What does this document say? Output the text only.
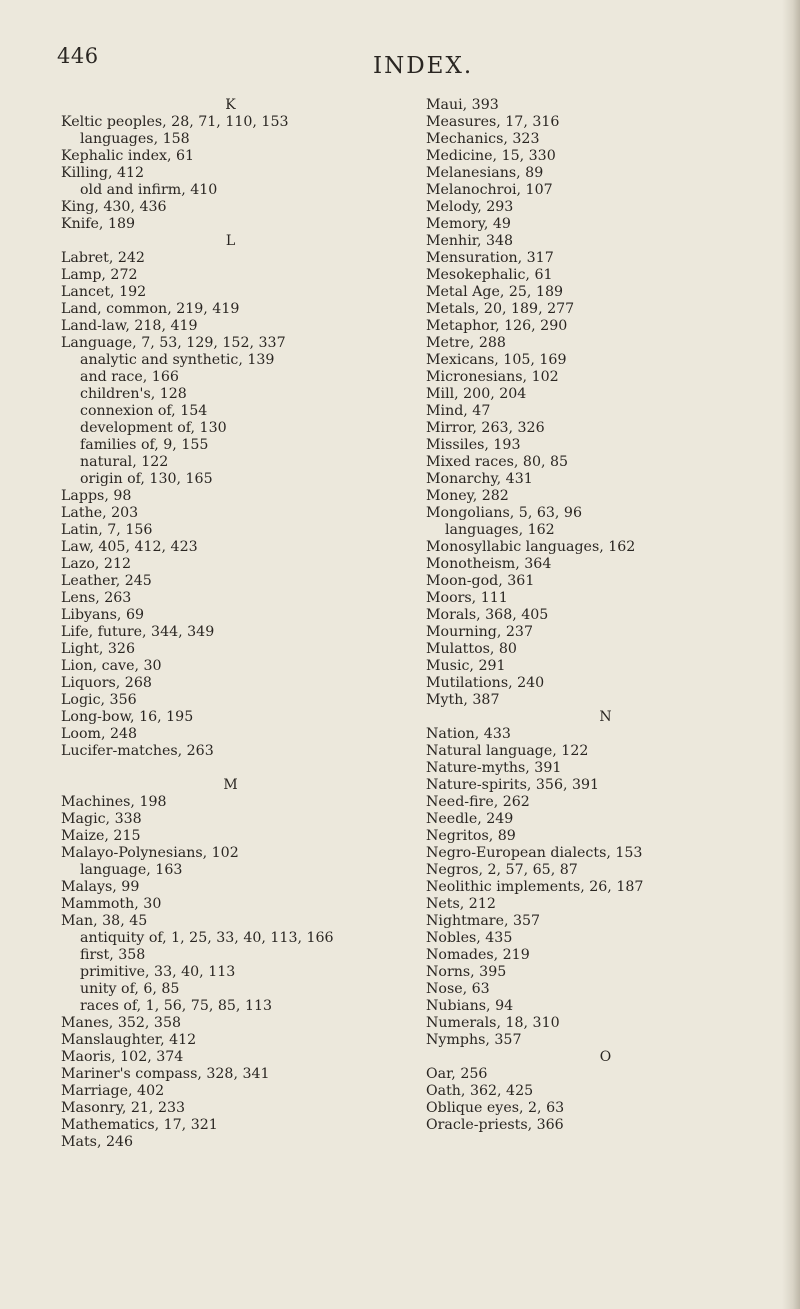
446	INDEX.
K
Keltic peoples, 28, 71, 110, 153
languages, 158
Kephalic index, 61
Killing, 412
old and infirm, 410
King, 430, 436
Knife, 189
L
Labret, 242
Lamp, 272
Lancet, 192
Land, common, 219, 419
Land-law, 218, 419
Language, 7, 53, 129, 152, 337
analytic and synthetic, 139
and race, 166
children's, 128
connexion of, 154
development of, 130
families of, 9, 155
natural, 122
origin of, 130, 165
Lapps, 98
Lathe, 203
Latin, 7, 156
Law, 405, 412, 423
Lazo, 212
Leather, 245
Lens, 263
Libyans, 69
Life, future, 344, 349
Light, 326
Lion, cave, 30
Liquors, 268
Logic, 356
Long-bow, 16, 195
Loom, 248
Lucifer-matches, 263
M
Machines, 198
Magic, 338
Maize, 215
Malayo-Polynesians, 102
language, 163
Malays, 99
Mammoth, 30
Man, 38, 45
antiquity of, 1, 25, 33, 40, 113, 166
first, 358
primitive, 33, 40, 113
unity of, 6, 85
races of, 1, 56, 75, 85, 113
Manes, 352, 358
Manslaughter, 412
Maoris, 102, 374
Mariner's compass, 328, 341
Marriage, 402
Masonry, 21, 233
Mathematics, 17, 321
Mats, 246
Maui, 393
Measures, 17, 316
Mechanics, 323
Medicine, 15, 330
Melanesians, 89
Melanochroi, 107
Melody, 293
Memory, 49
Menhir, 348
Mensuration, 317
Mesokephalic, 61
Metal Age, 25, 189
Metals, 20, 189, 277
Metaphor, 126, 290
Metre, 288
Mexicans, 105, 169
Micronesians, 102
Mill, 200, 204
Mind, 47
Mirror, 263, 326
Missiles, 193
Mixed races, 80, 85
Monarchy, 431
Money, 282
Mongolians, 5, 63, 96
languages, 162
Monosyllabic languages, 162
Monotheism, 364
Moon-god, 361
Moors, 111
Morals, 368, 405
Mourning, 237
Mulattos, 80
Music, 291
Mutilations, 240
Myth, 387
N
Nation, 433
Natural language, 122
Nature-myths, 391
Nature-spirits, 356, 391
Need-fire, 262
Needle, 249
Negritos, 89
Negro-European dialects, 153
Negros, 2, 57, 65, 87
Neolithic implements, 26, 187
Nets, 212
Nightmare, 357
Nobles, 435
Nomades, 219
Norns, 395
Nose, 63
Nubians, 94
Numerals, 18, 310
Nymphs, 357
O
Oar, 256
Oath, 362, 425
Oblique eyes, 2, 63
Oracle-priests, 366
